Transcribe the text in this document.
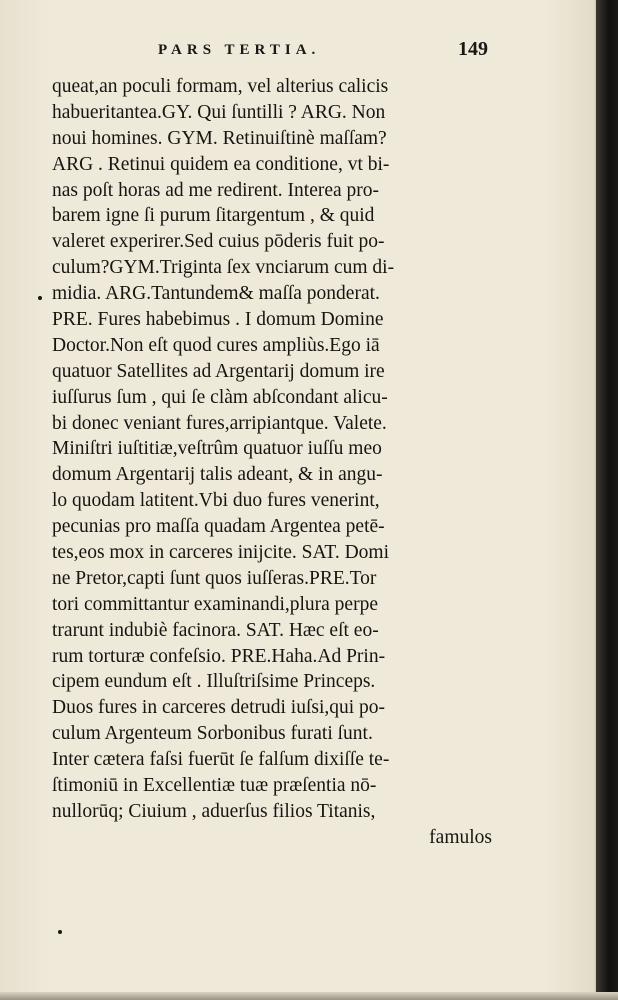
PARS TERTIA.	149
queat,an poculi formam, vel alterius calicis
habueritantea.GY. Qui ſuntilli ? ARG. Non
noui homines. GYM. Retinuiſtinè maſſam?
ARG . Retinui quidem ea conditione, vt bi-
nas poſt horas ad me redirent. Interea pro-
barem igne ſi purum ſitargentum , & quid
valeret experirer.Sed cuius pōderis fuit po-
culum?GYM.Triginta ſex vnciarum cum di-
midia. ARG.Tantundem& maſſa ponderat.
PRE. Fures habebimus . I domum Domine
Doctor.Non eſt quod cures ampliùs.Ego iā
quatuor Satellites ad Argentarij domum ire
iuſſurus ſum , qui ſe clàm abſcondant alicu-
bi donec veniant fures,arripiantque. Valete.
Miniſtri iuſtitiæ,veſtrûm quatuor iuſſu meo
domum Argentarij talis adeant, & in angu-
lo quodam latitent.Vbi duo fures venerint,
pecunias pro maſſa quadam Argentea petē-
tes,eos mox in carceres inijcite. SAT. Domi
ne Pretor,capti ſunt quos iuſſeras.PRE.Tor
tori committantur examinandi,plura perpe
trarunt indubiè facinora. SAT. Hæc eſt eo-
rum torturæ confeſsio. PRE.Haha.Ad Prin-
cipem eundum eſt . Illuſtriſsime Princeps.
Duos fures in carceres detrudi iuſsi,qui po-
culum Argenteum Sorbonibus furati ſunt.
Inter cætera faſsi fuerūt ſe falſum dixiſſe te-
ſtimoniū in Excellentiæ tuæ præſentia nō-
nullorūq; Ciuium , aduerſus filios Titanis,
famulos
